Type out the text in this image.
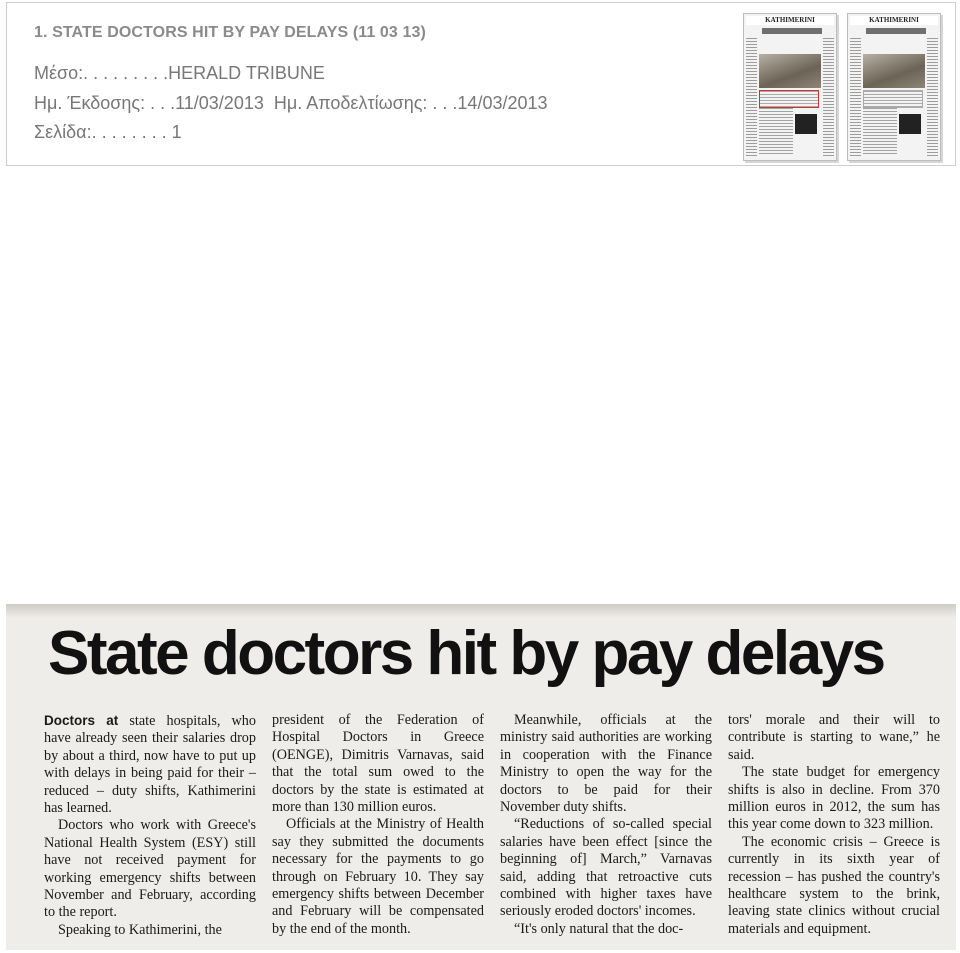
1. STATE DOCTORS HIT BY PAY DELAYS (11 03 13)
Μέσο:. . . . . . . . .HERALD TRIBUNE
Ημ. Έκδοσης: . . .11/03/2013  Ημ. Αποδελτίωσης: . . .14/03/2013
Σελίδα:. . . . . . . . 1
KATHIMERINI	KATHIMERINI
State doctors hit by pay delays

Doctors at state hospitals, who have already seen their salaries drop by about a third, now have to put up with delays in being paid for their – reduced – duty shifts, Kathimerini has learned.

Doctors who work with Greece's National Health System (ESY) still have not received payment for working emergency shifts between November and February, according to the report.

Speaking to Kathimerini, the

president of the Federation of Hospital Doctors in Greece (OENGE), Dimitris Varnavas, said that the total sum owed to the doctors by the state is estimated at more than 130 million euros.

Officials at the Ministry of Health say they submitted the documents necessary for the payments to go through on February 10. They say emergency shifts between December and February will be compensated by the end of the month.

Meanwhile, officials at the ministry said authorities are working in cooperation with the Finance Ministry to open the way for the doctors to be paid for their November duty shifts.

“Reductions of so-called special salaries have been effect [since the beginning of] March,” Varnavas said, adding that retroactive cuts combined with higher taxes have seriously eroded doctors' incomes.

“It's only natural that the doc-

tors' morale and their will to contribute is starting to wane,” he said.

The state budget for emergency shifts is also in decline. From 370 million euros in 2012, the sum has this year come down to 323 million.

The economic crisis – Greece is currently in its sixth year of recession – has pushed the country's healthcare system to the brink, leaving state clinics without crucial materials and equipment.
